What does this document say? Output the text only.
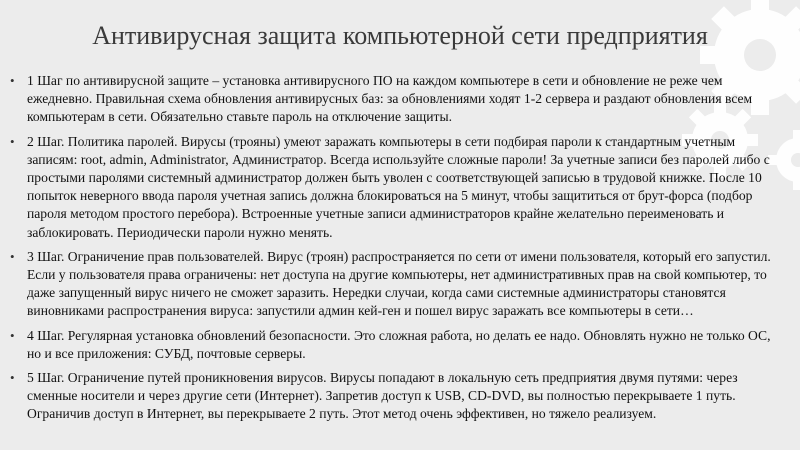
Антивирусная защита компьютерной сети предприятия
• 1 Шаг по антивирусной защите – установка антивирусного ПО на каждом компьютере в сети и обновление не реже чем ежедневно. Правильная схема обновления антивирусных баз: за обновлениями ходят 1-2 сервера и раздают обновления всем компьютерам в сети. Обязательно ставьте пароль на отключение защиты.
• 2 Шаг. Политика паролей. Вирусы (трояны) умеют заражать компьютеры в сети подбирая пароли к стандартным учетным записям: root, admin, Administrator, Администратор. Всегда используйте сложные пароли! За учетные записи без паролей либо с простыми паролями системный администратор должен быть уволен с соответствующей записью в трудовой книжке. После 10 попыток неверного ввода пароля учетная запись должна блокироваться на 5 минут, чтобы защититься от брут-форса (подбор пароля методом простого перебора). Встроенные учетные записи администраторов крайне желательно переименовать и заблокировать. Периодически пароли нужно менять.
• 3 Шаг. Ограничение прав пользователей. Вирус (троян) распространяется по сети от имени пользователя, который его запустил. Если у пользователя права ограничены: нет доступа на другие компьютеры, нет административных прав на свой компьютер, то даже запущенный вирус ничего не сможет заразить. Нередки случаи, когда сами системные администраторы становятся виновниками распространения вируса: запустили админ кей-ген и пошел вирус заражать все компьютеры в сети…
• 4 Шаг. Регулярная установка обновлений безопасности. Это сложная работа, но делать ее надо. Обновлять нужно не только ОС, но и все приложения: СУБД, почтовые серверы.
• 5 Шаг. Ограничение путей проникновения вирусов. Вирусы попадают в локальную сеть предприятия двумя путями: через сменные носители и через другие сети (Интернет). Запретив доступ к USB, CD-DVD, вы полностью перекрываете 1 путь. Ограничив доступ в Интернет, вы перекрываете 2 путь. Этот метод очень эффективен, но тяжело реализуем.
